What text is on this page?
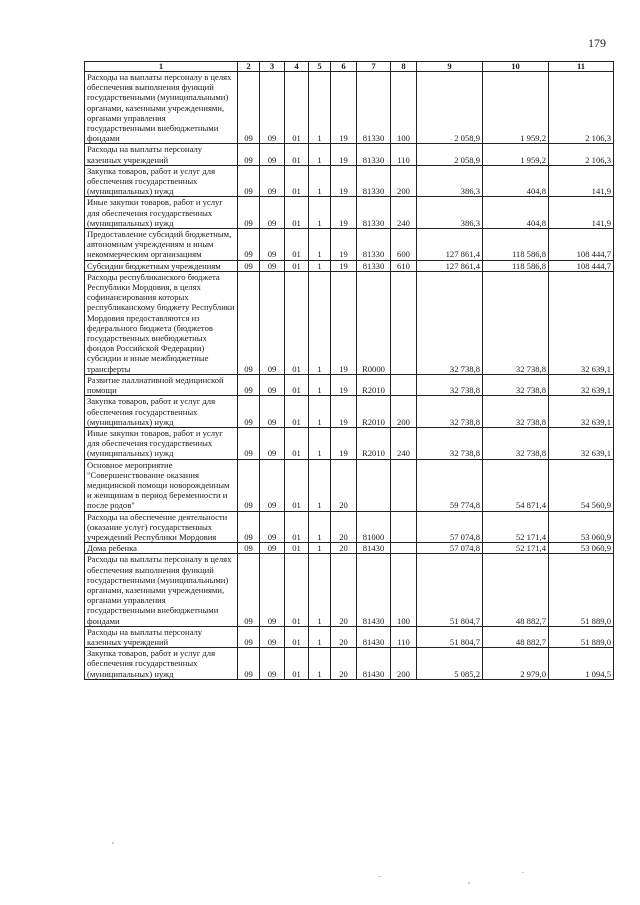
179
1	2	3	4	5	6	7	8	9	10	11
Расходы на выплаты персоналу в целях обеспечения выполнения функций государственными (муниципальными) органами, казенными учреждениями, органами управления государственными внебюджетными фондами	09	09	01	1	19	81330	100	2 058,9	1 959,2	2 106,3
Расходы на выплаты персоналу казенных учреждений	09	09	01	1	19	81330	110	2 058,9	1 959,2	2 106,3
Закупка товаров, работ и услуг для обеспечения государственных (муниципальных) нужд	09	09	01	1	19	81330	200	386,3	404,8	141,9
Иные закупки товаров, работ и услуг для обеспечения государственных (муниципальных) нужд	09	09	01	1	19	81330	240	386,3	404,8	141,9
Предоставление субсидий бюджетным, автономным учреждениям и иным некоммерческим организациям	09	09	01	1	19	81330	600	127 861,4	118 586,8	108 444,7
Субсидии бюджетным учреждениям	09	09	01	1	19	81330	610	127 861,4	118 586,8	108 444,7
Расходы республиканского бюджета Республики Мордовия, в целях софинансирования которых республиканскому бюджету Республики Мордовия предоставляются из федерального бюджета (бюджетов государственных внебюджетных фондов Российской Федерации) субсидии и иные межбюджетные трансферты	09	09	01	1	19	R0000		32 738,8	32 738,8	32 639,1
Развитие паллиативной медицинской помощи	09	09	01	1	19	R2010		32 738,8	32 738,8	32 639,1
Закупка товаров, работ и услуг для обеспечения государственных (муниципальных) нужд	09	09	01	1	19	R2010	200	32 738,8	32 738,8	32 639,1
Иные закупки товаров, работ и услуг для обеспечения государственных (муниципальных) нужд	09	09	01	1	19	R2010	240	32 738,8	32 738,8	32 639,1
Основное мероприятие "Совершенствование оказания медицинской помощи новорожденным и женщинам в период беременности и после родов"	09	09	01	1	20			59 774,8	54 871,4	54 560,9
Расходы на обеспечение деятельности (оказание услуг) государственных учреждений Республики Мордовия	09	09	01	1	20	81000		57 074,8	52 171,4	53 060,9
Дома ребенка	09	09	01	1	20	81430		57 074,8	52 171,4	53 060,9
Расходы на выплаты персоналу в целях обеспечения выполнения функций государственными (муниципальными) органами, казенными учреждениями, органами управления государственными внебюджетными фондами	09	09	01	1	20	81430	100	51 804,7	48 882,7	51 889,0
Расходы на выплаты персоналу казенных учреждений	09	09	01	1	20	81430	110	51 804,7	48 882,7	51 889,0
Закупка товаров, работ и услуг для обеспечения государственных (муниципальных) нужд	09	09	01	1	20	81430	200	5 085,2	2 979,0	1 094,5
